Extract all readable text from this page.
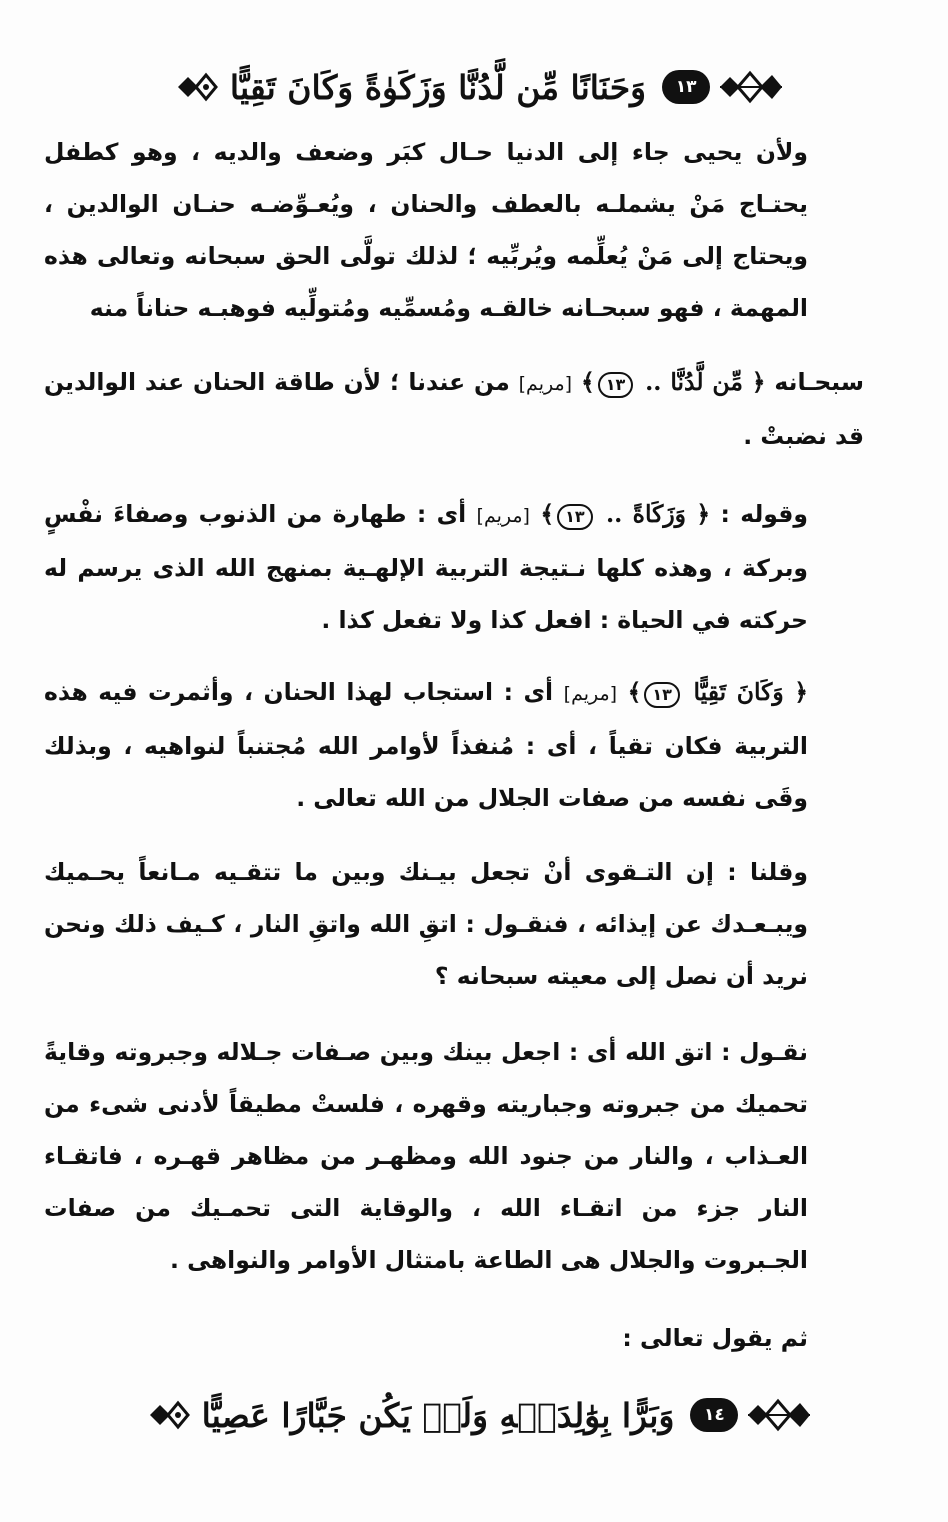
وَحَنَانًا مِّن لَّدُنَّا وَزَكَوٰةً وَكَانَ تَقِيًّا	١٣

ولأن يحيى جاء إلى الدنيا حـال كبَر وضعف والديه ، وهو كطفل يحتـاج مَنْ يشملـه بالعطف والحنان ، ويُعـوِّضـه حنـان الوالدين ، ويحتاج إلى مَنْ يُعلِّمه ويُربِّيه ؛ لذلك تولَّى الحق سبحانه وتعالى هذه المهمة ، فهو سبحـانه خالقـه ومُسمِّيه ومُتولِّيه فوهبـه حناناً منه

سبحـانه ﴿ مِّن لَّدُنَّا .. ١٣﴾ [مريم] من عندنا ؛ لأن طاقة الحنان عند الوالدين قد نضبتْ .

وقوله : ﴿ وَزَكَاةً .. ١٣﴾ [مريم] أى : طهارة من الذنوب وصفاءَ نفْسٍ وبركة ، وهذه كلها نـتيجة التربية الإلهـية بمنهج الله الذى يرسم له حركته في الحياة : افعل كذا ولا تفعل كذا .

﴿ وَكَانَ تَقِيًّا ١٣﴾ [مريم] أى : استجاب لهذا الحنان ، وأثمرت فيه هذه التربية فكان تقياً ، أى : مُنفذاً لأوامر الله مُجتنباً لنواهيه ، وبذلك وقَى نفسه من صفات الجلال من الله تعالى .

وقلنا : إن التـقوى أنْ تجعل بيـنك وبين ما تتقـيه مـانعاً يحـميك ويبـعـدك عن إيذائه ، فنقـول : اتقِ الله واتقِ النار ، كـيف ذلك ونحن نريد أن نصل إلى معيته سبحانه ؟

نقـول : اتق الله أى : اجعل بينك وبين صـفات جـلاله وجبروته وقايةً تحميك من جبروته وجباريته وقهره ، فلستْ مطيقاً لأدنى شىء من العـذاب ، والنار من جنود الله ومظهـر من مظاهر قهـره ، فاتقـاء النار جزء من اتقـاء الله ، والوقاية التى تحمـيك من صفات الجـبروت والجلال هى الطاعة بامتثال الأوامر والنواهى .

ثم يقول تعالى :

وَبَرًّا بِوَٰلِدَيۡهِ وَلَمۡ يَكُن جَبَّارًا عَصِيًّا	١٤
